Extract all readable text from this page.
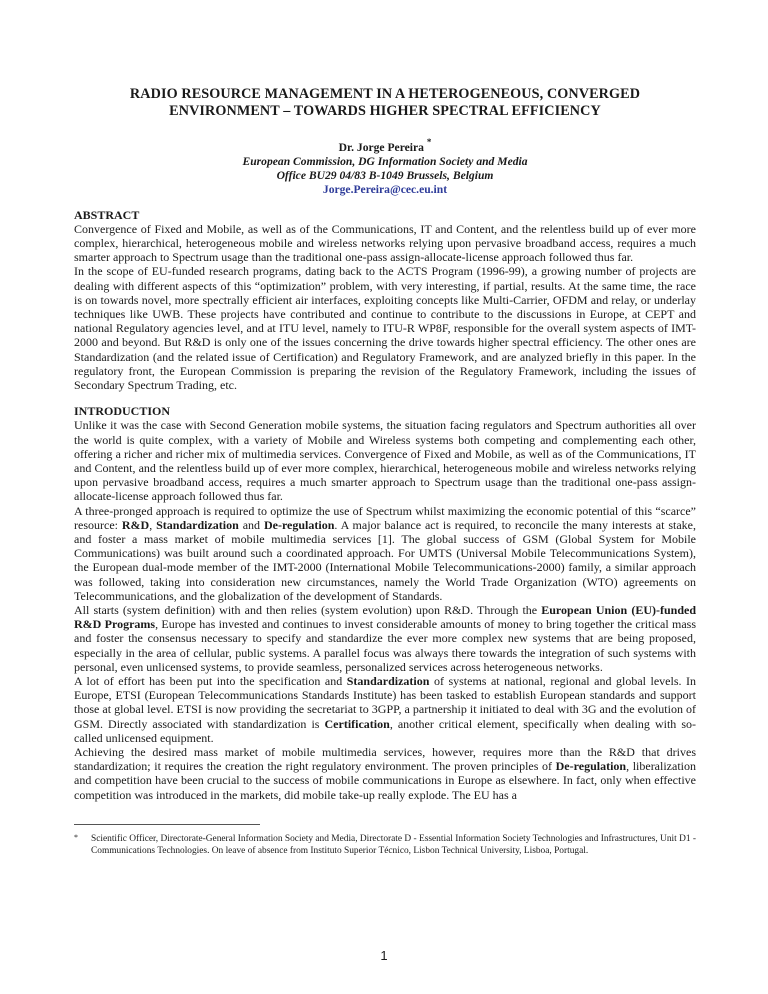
RADIO RESOURCE MANAGEMENT IN A HETEROGENEOUS, CONVERGED
ENVIRONMENT – TOWARDS HIGHER SPECTRAL EFFICIENCY
Dr. Jorge Pereira *
European Commission, DG Information Society and Media
Office BU29 04/83 B-1049 Brussels, Belgium
Jorge.Pereira@cec.eu.int
ABSTRACT

Convergence of Fixed and Mobile, as well as of the Communications, IT and Content, and the relentless build up of ever more complex, hierarchical, heterogeneous mobile and wireless networks relying upon pervasive broadband access, requires a much smarter approach to Spectrum usage than the traditional one-pass assign-allocate-license approach followed thus far.

In the scope of EU-funded research programs, dating back to the ACTS Program (1996-99), a growing number of projects are dealing with different aspects of this “optimization” problem, with very interesting, if partial, results. At the same time, the race is on towards novel, more spectrally efficient air interfaces, exploiting concepts like Multi-Carrier, OFDM and relay, or underlay techniques like UWB. These projects have contributed and continue to contribute to the discussions in Europe, at CEPT and national Regulatory agencies level, and at ITU level, namely to ITU-R WP8F, responsible for the overall system aspects of IMT-2000 and beyond. But R&D is only one of the issues concerning the drive towards higher spectral efficiency. The other ones are Standardization (and the related issue of Certification) and Regulatory Framework, and are analyzed briefly in this paper. In the regulatory front, the European Commission is preparing the revision of the Regulatory Framework, including the issues of Secondary Spectrum Trading, etc.

INTRODUCTION

Unlike it was the case with Second Generation mobile systems, the situation facing regulators and Spectrum authorities all over the world is quite complex, with a variety of Mobile and Wireless systems both competing and complementing each other, offering a richer and richer mix of multimedia services. Convergence of Fixed and Mobile, as well as of the Communications, IT and Content, and the relentless build up of ever more complex, hierarchical, heterogeneous mobile and wireless networks relying upon pervasive broadband access, requires a much smarter approach to Spectrum usage than the traditional one-pass assign-allocate-license approach followed thus far.

A three-pronged approach is required to optimize the use of Spectrum whilst maximizing the economic potential of this “scarce” resource: R&D, Standardization and De-regulation. A major balance act is required, to reconcile the many interests at stake, and foster a mass market of mobile multimedia services [1]. The global success of GSM (Global System for Mobile Communications) was built around such a coordinated approach. For UMTS (Universal Mobile Telecommunications System), the European dual-mode member of the IMT-2000 (International Mobile Telecommunications-2000) family, a similar approach was followed, taking into consideration new circumstances, namely the World Trade Organization (WTO) agreements on Telecommunications, and the globalization of the development of Standards.

All starts (system definition) with and then relies (system evolution) upon R&D. Through the European Union (EU)-funded R&D Programs, Europe has invested and continues to invest considerable amounts of money to bring together the critical mass and foster the consensus necessary to specify and standardize the ever more complex new systems that are being proposed, especially in the area of cellular, public systems. A parallel focus was always there towards the integration of such systems with personal, even unlicensed systems, to provide seamless, personalized services across heterogeneous networks.

A lot of effort has been put into the specification and Standardization of systems at national, regional and global levels. In Europe, ETSI (European Telecommunications Standards Institute) has been tasked to establish European standards and support those at global level. ETSI is now providing the secretariat to 3GPP, a partnership it initiated to deal with 3G and the evolution of GSM. Directly associated with standardization is Certification, another critical element, specifically when dealing with so-called unlicensed equipment.

Achieving the desired mass market of mobile multimedia services, however, requires more than the R&D that drives standardization; it requires the creation the right regulatory environment. The proven principles of De-regulation, liberalization and competition have been crucial to the success of mobile communications in Europe as elsewhere. In fact, only when effective competition was introduced in the markets, did mobile take-up really explode. The EU has a

*	Scientific Officer, Directorate-General Information Society and Media, Directorate D - Essential Information Society Technologies and Infrastructures, Unit D1 - Communications Technologies. On leave of absence from Instituto Superior Técnico, Lisbon Technical University, Lisboa, Portugal.
1
